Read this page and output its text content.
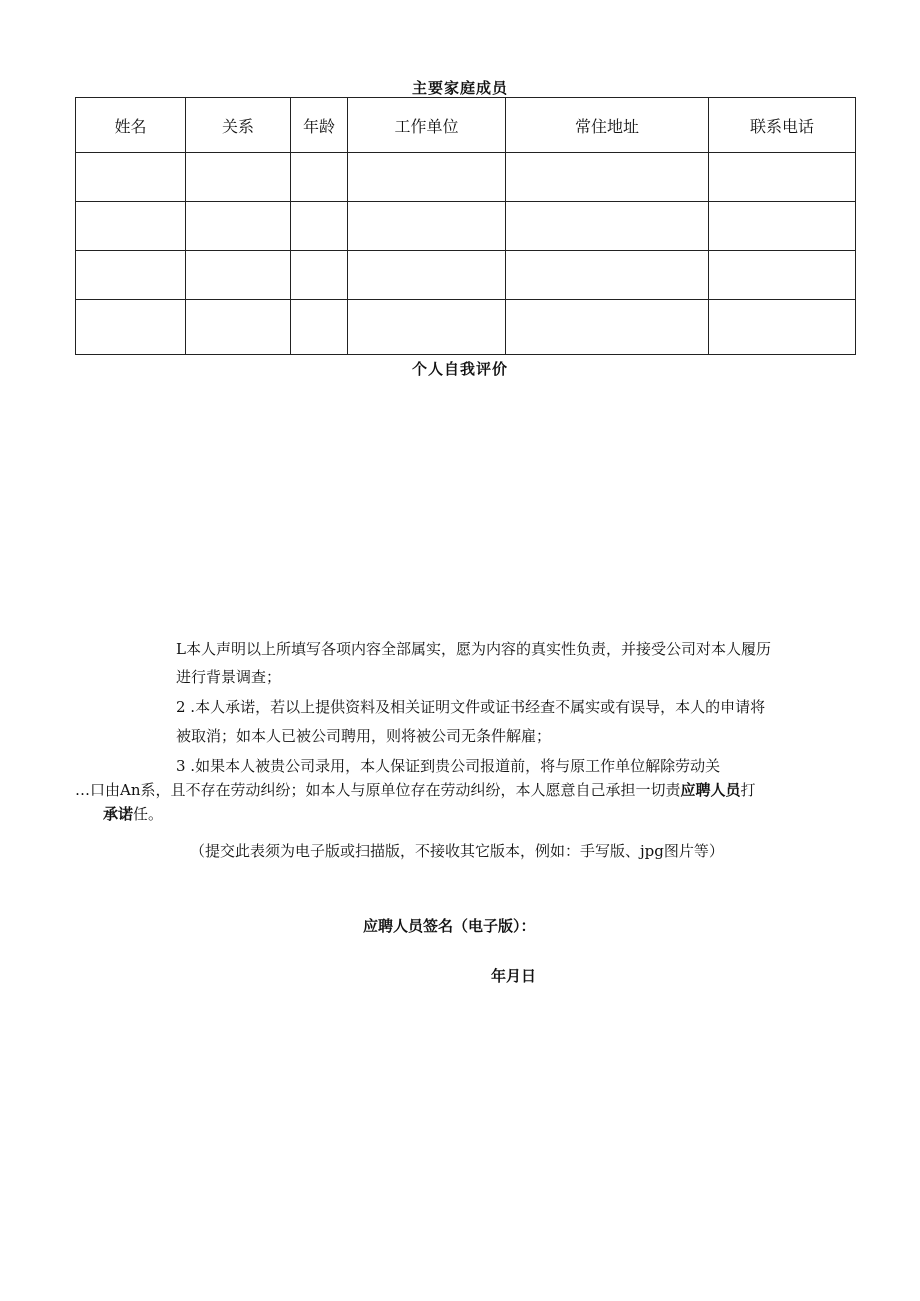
主要家庭成员
姓名	关系	年龄	工作单位	常住地址	联系电话

个人自我评价
L本人声明以上所填写各项内容全部属实，愿为内容的真实性负责，并接受公司对本人履历
进行背景调查；
2 .本人承诺，若以上提供资料及相关证明文件或证书经查不属实或有误导，本人的申请将
被取消；如本人已被公司聘用，则将被公司无条件解雇；
3 .如果本人被贵公司录用，本人保证到贵公司报道前，将与原工作单位解除劳动关
…口由An系，且不存在劳动纠纷；如本人与原单位存在劳动纠纷，本人愿意自己承担一切责应聘人员打
承诺任。
（提交此表须为电子版或扫描版，不接收其它版本，例如：手写版、jpg图片等）
应聘人员签名（电子版）：
年月日
